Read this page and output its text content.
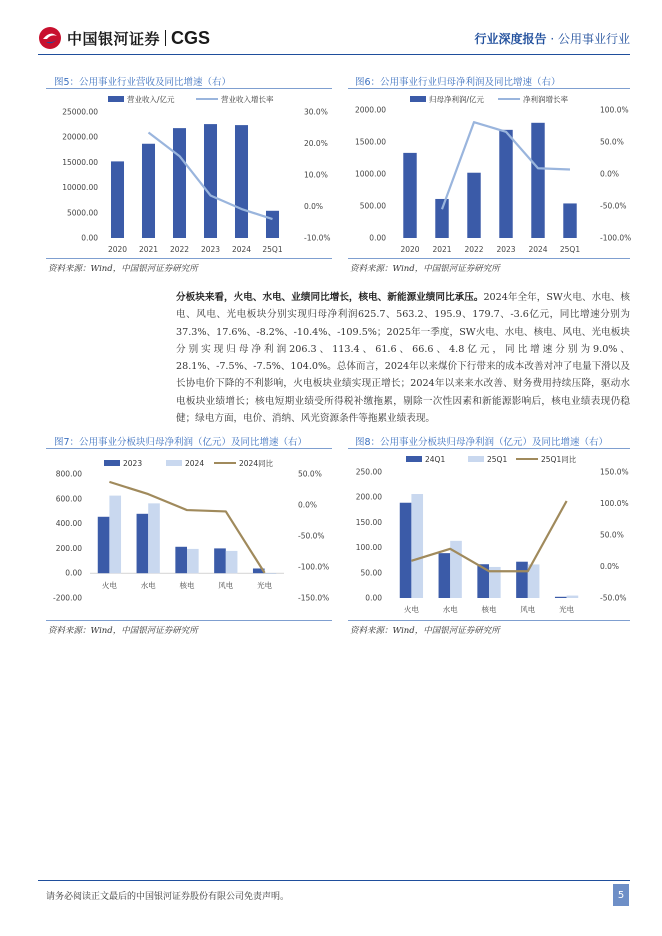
中国银河证券 CGS	行业深度报告 · 公用事业行业
图5：公用事业行业营收及同比增速（右）
25000.00
20000.00
15000.00
10000.00
5000.00
0.00
30.0%
20.0%
10.0%
0.0%
-10.0%
2020 2021 2022 2023 2024 25Q1
营业收入/亿元	营业收入增长率
资料来源：Wind，中国银河证券研究所
图6：公用事业行业归母净利润及同比增速（右）
2000.00
1500.00
1000.00
500.00
0.00
100.0%
50.0%
0.0%
-50.0%
-100.0%
2020 2021 2022 2023 2024 25Q1
归母净利润/亿元	净利润增长率
资料来源：Wind，中国银河证券研究所
分板块来看，火电、水电、业绩同比增长，核电、新能源业绩同比承压。2024年全年，SW火电、水电、核电、风电、光电板块分别实现归母净利润625.7、563.2、195.9、179.7、-3.6亿元，同比增速分别为37.3%、17.6%、-8.2%、-10.4%、-109.5%；2025年一季度，SW火电、水电、核电、风电、光电板块分别实现归母净利润206.3、113.4、61.6、66.6、4.8亿元，同比增速分别为9.0%、28.1%、-7.5%、-7.5%、104.0%。总体而言，2024年以来煤价下行带来的成本改善对冲了电量下滑以及长协电价下降的不利影响，火电板块业绩实现正增长；2024年以来来水改善、财务费用持续压降，驱动水电板块业绩增长；核电短期业绩受所得税补缴拖累，剔除一次性因素和新能源影响后，核电业绩表现仍稳健；绿电方面，电价、消纳、风光资源条件等拖累业绩表现。
图7：公用事业分板块归母净利润（亿元）及同比增速（右）
800.00
600.00
400.00
200.00
0.00
-200.00
50.0%
0.0%
-50.0%
-100.0%
-150.0%
火电	水电	核电	风电	光电
2023	2024	2024同比
资料来源：Wind，中国银河证券研究所
图8：公用事业分板块归母净利润（亿元）及同比增速（右）
250.00
200.00
150.00
100.00
50.00
0.00
150.0%
100.0%
50.0%
0.0%
-50.0%
火电	水电	核电	风电	光电
24Q1	25Q1	25Q1同比
资料来源：Wind，中国银河证券研究所
请务必阅读正文最后的中国银河证券股份有限公司免责声明。	5
